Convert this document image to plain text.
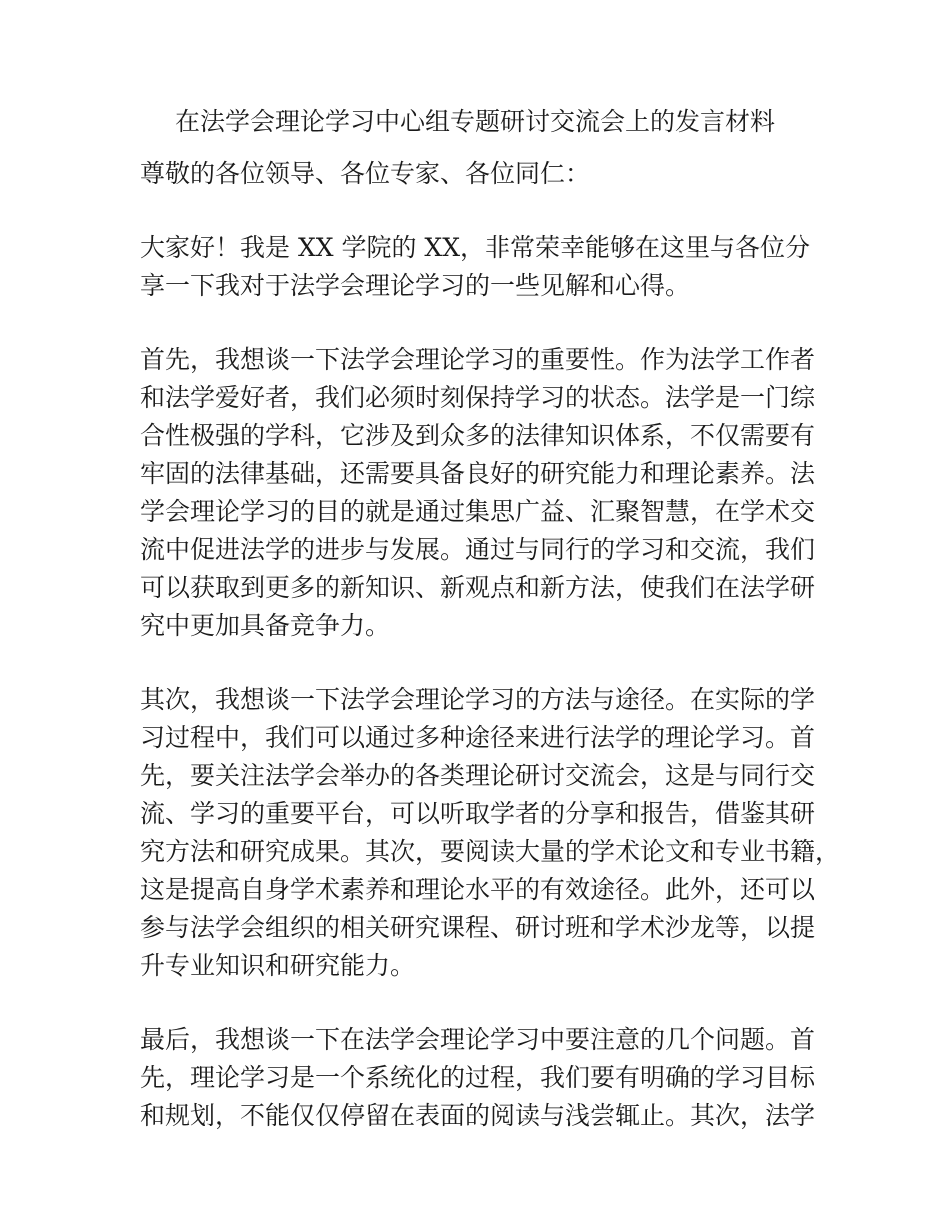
在法学会理论学习中心组专题研讨交流会上的发言材料

尊敬的各位领导、各位专家、各位同仁：

大家好！我是 XX 学院的 XX，非常荣幸能够在这里与各位分
享一下我对于法学会理论学习的一些见解和心得。

首先，我想谈一下法学会理论学习的重要性。作为法学工作者
和法学爱好者，我们必须时刻保持学习的状态。法学是一门综
合性极强的学科，它涉及到众多的法律知识体系，不仅需要有
牢固的法律基础，还需要具备良好的研究能力和理论素养。法
学会理论学习的目的就是通过集思广益、汇聚智慧，在学术交
流中促进法学的进步与发展。通过与同行的学习和交流，我们
可以获取到更多的新知识、新观点和新方法，使我们在法学研
究中更加具备竞争力。

其次，我想谈一下法学会理论学习的方法与途径。在实际的学
习过程中，我们可以通过多种途径来进行法学的理论学习。首
先，要关注法学会举办的各类理论研讨交流会，这是与同行交
流、学习的重要平台，可以听取学者的分享和报告，借鉴其研
究方法和研究成果。其次，要阅读大量的学术论文和专业书籍，
这是提高自身学术素养和理论水平的有效途径。此外，还可以
参与法学会组织的相关研究课程、研讨班和学术沙龙等，以提
升专业知识和研究能力。

最后，我想谈一下在法学会理论学习中要注意的几个问题。首
先，理论学习是一个系统化的过程，我们要有明确的学习目标
和规划，不能仅仅停留在表面的阅读与浅尝辄止。其次，法学
